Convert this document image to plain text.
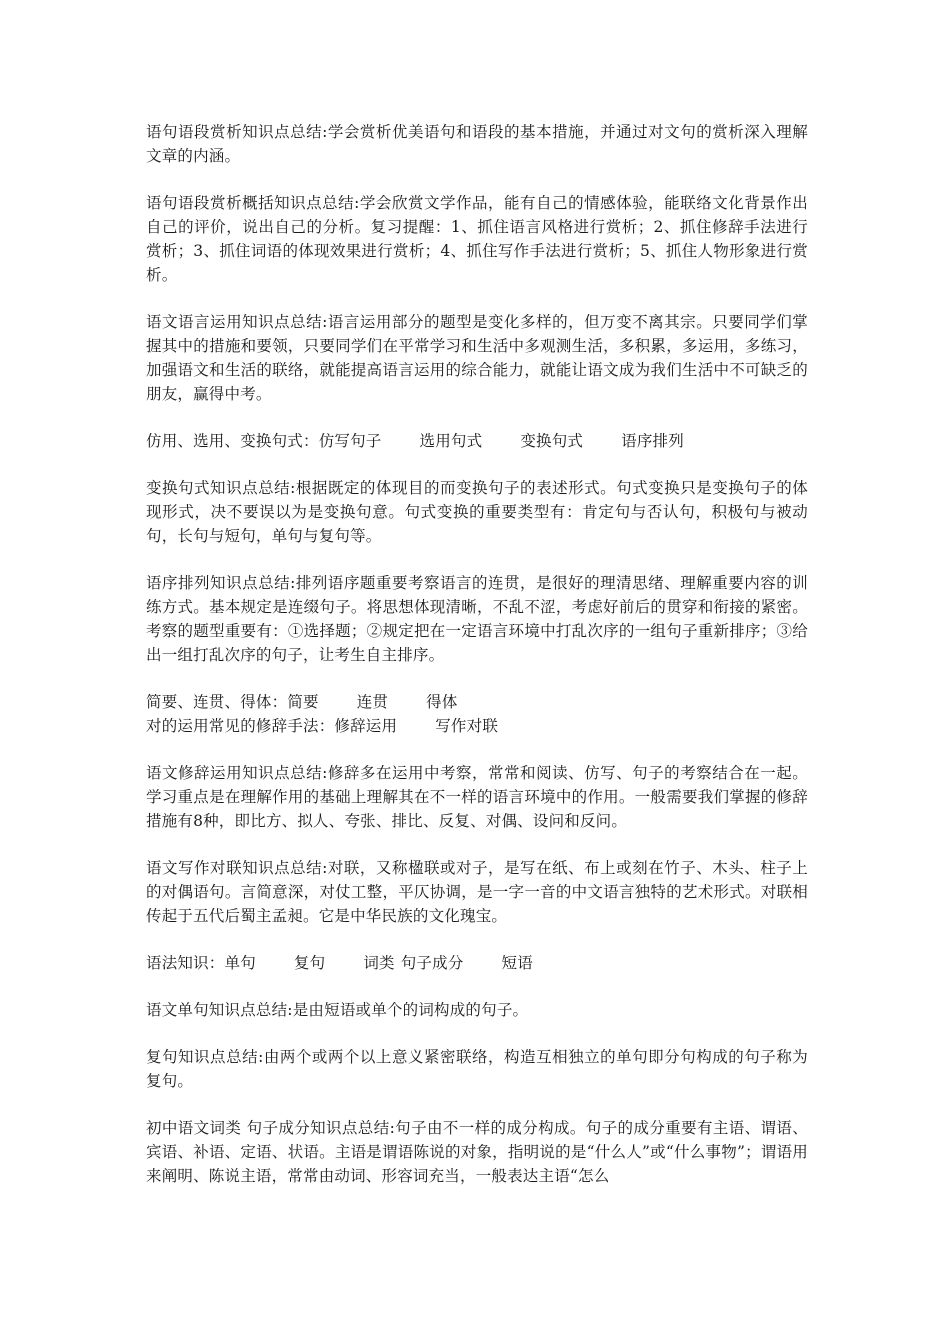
语句语段赏析知识点总结:学会赏析优美语句和语段的基本措施，并通过对文句的赏析深入理解文章的内涵。

语句语段赏析概括知识点总结:学会欣赏文学作品，能有自己的情感体验，能联络文化背景作出自己的评价，说出自己的分析。复习提醒：1、抓住语言风格进行赏析；2、抓住修辞手法进行赏析；3、抓住词语的体现效果进行赏析；4、抓住写作手法进行赏析；5、抓住人物形象进行赏析。

语文语言运用知识点总结:语言运用部分的题型是变化多样的，但万变不离其宗。只要同学们掌握其中的措施和要领，只要同学们在平常学习和生活中多观测生活，多积累，多运用，多练习，加强语文和生活的联络，就能提高语言运用的综合能力，就能让语文成为我们生活中不可缺乏的朋友，赢得中考。

仿用、选用、变换句式：仿写句子 选用句式 变换句式 语序排列

变换句式知识点总结:根据既定的体现目的而变换句子的表述形式。句式变换只是变换句子的体现形式，决不要误以为是变换句意。句式变换的重要类型有：肯定句与否认句，积极句与被动句，长句与短句，单句与复句等。

语序排列知识点总结:排列语序题重要考察语言的连贯，是很好的理清思绪、理解重要内容的训练方式。基本规定是连缀句子。将思想体现清晰，不乱不涩，考虑好前后的贯穿和衔接的紧密。考察的题型重要有：①选择题；②规定把在一定语言环境中打乱次序的一组句子重新排序；③给出一组打乱次序的句子，让考生自主排序。

简要、连贯、得体：简要 连贯 得体

对的运用常见的修辞手法：修辞运用 写作对联

语文修辞运用知识点总结:修辞多在运用中考察，常常和阅读、仿写、句子的考察结合在一起。学习重点是在理解作用的基础上理解其在不一样的语言环境中的作用。一般需要我们掌握的修辞措施有8种，即比方、拟人、夸张、排比、反复、对偶、设问和反问。

语文写作对联知识点总结:对联，又称楹联或对子，是写在纸、布上或刻在竹子、木头、柱子上的对偶语句。言简意深，对仗工整，平仄协调，是一字一音的中文语言独特的艺术形式。对联相传起于五代后蜀主孟昶。它是中华民族的文化瑰宝。

语法知识：单句 复句 词类 句子成分 短语

语文单句知识点总结:是由短语或单个的词构成的句子。

复句知识点总结:由两个或两个以上意义紧密联络，构造互相独立的单句即分句构成的句子称为复句。

初中语文词类 句子成分知识点总结:句子由不一样的成分构成。句子的成分重要有主语、谓语、宾语、补语、定语、状语。主语是谓语陈说的对象，指明说的是“什么人”或“什么事物”；谓语用来阐明、陈说主语，常常由动词、形容词充当，一般表达主语“怎么
